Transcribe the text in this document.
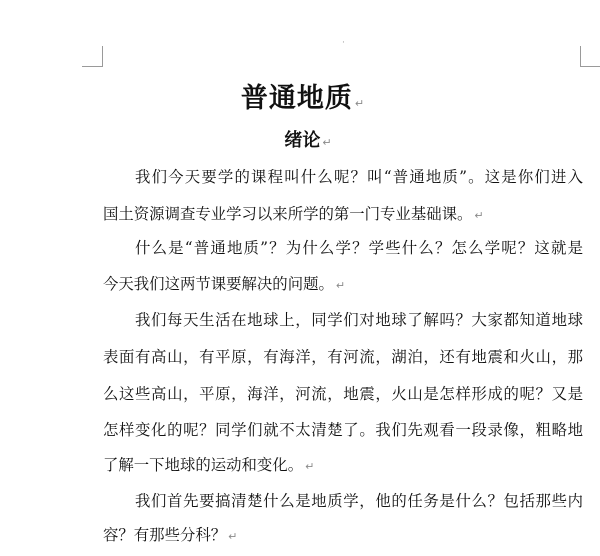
·
普通地质 ↵
绪论 ↵
我们今天要学的课程叫什么呢？叫“普通地质”。这是你们进入
国土资源调查专业学习以来所学的第一门专业基础课。 ↵
什么是“普通地质”？为什么学？学些什么？怎么学呢？这就是
今天我们这两节课要解决的问题。 ↵
我们每天生活在地球上，同学们对地球了解吗？大家都知道地球
表面有高山，有平原，有海洋，有河流，湖泊，还有地震和火山，那
么这些高山，平原，海洋，河流，地震，火山是怎样形成的呢？又是
怎样变化的呢？同学们就不太清楚了。我们先观看一段录像，粗略地
了解一下地球的运动和变化。 ↵
我们首先要搞清楚什么是地质学，他的任务是什么？包括那些内
容？有那些分科？ ↵
